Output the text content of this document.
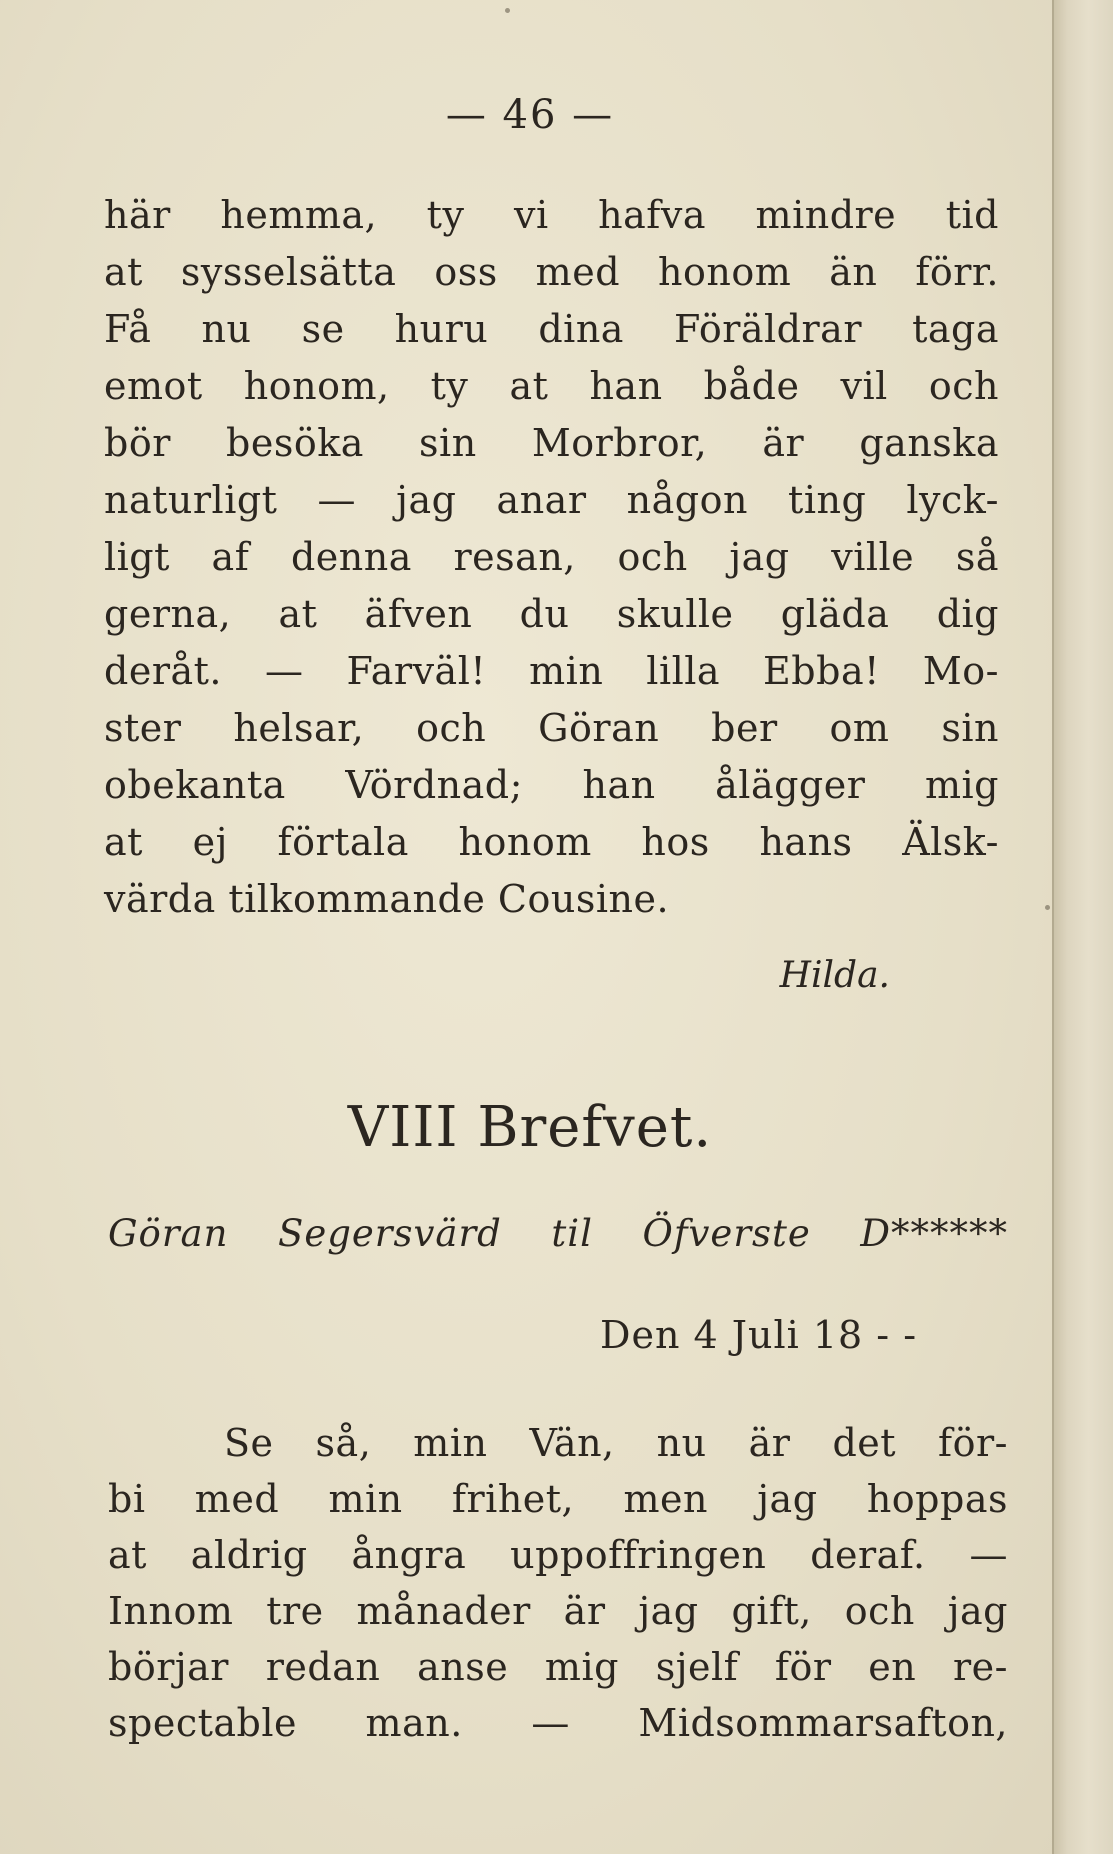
— 46 —
här hemma, ty vi hafva mindre tid
at sysselsätta oss med honom än förr.
Få nu se huru dina Föräldrar taga
emot honom, ty at han både vil och
bör besöka sin Morbror, är ganska
naturligt — jag anar någon ting lyck-
ligt af denna resan, och jag ville så
gerna, at äfven du skulle gläda dig
deråt. — Farväl! min lilla Ebba! Mo-
ster helsar, och Göran ber om sin
obekanta Vördnad; han ålägger mig
at ej förtala honom hos hans Älsk-
värda tilkommande Cousine.
Hilda.
VIII Brefvet.
Göran Segersvärd til Öfverste D******
Den 4 Juli 18 - -
Se så, min Vän, nu är det för-
bi med min frihet, men jag hoppas
at aldrig ångra uppoffringen deraf. —
Innom tre månader är jag gift, och jag
börjar redan anse mig sjelf för en re-
spectable man. — Midsommarsafton,
